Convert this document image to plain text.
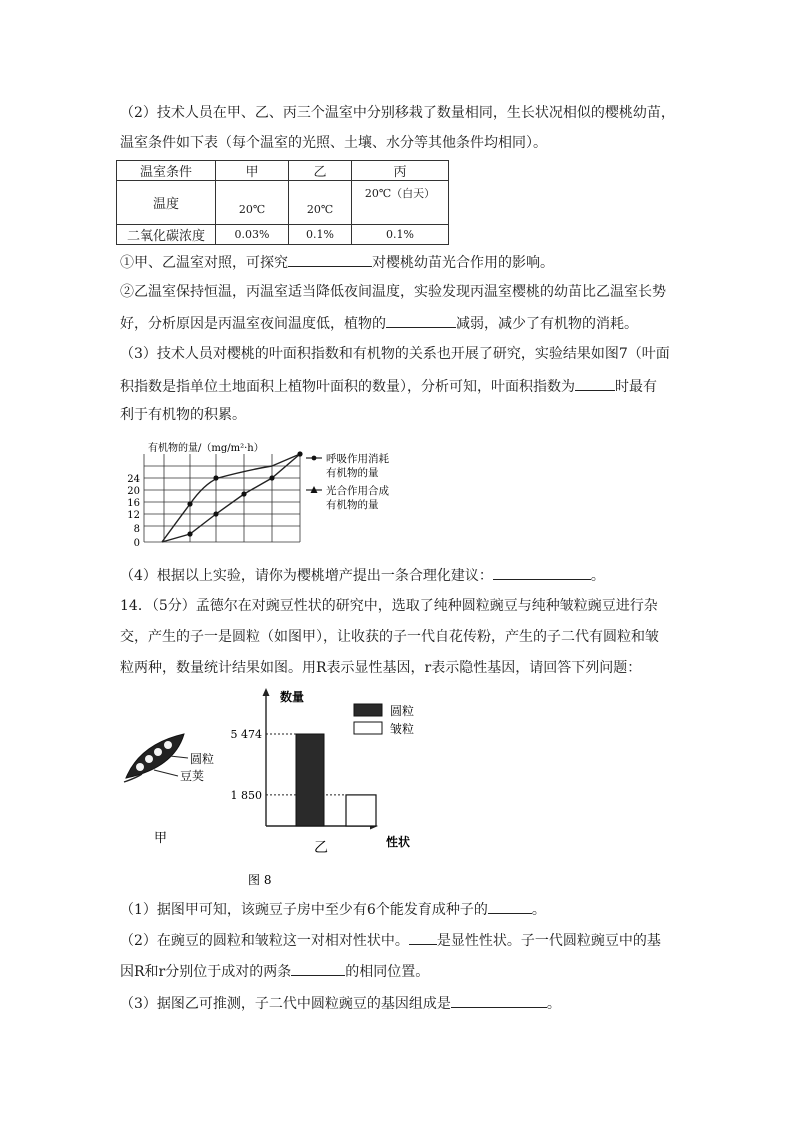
（2）技术人员在甲、乙、丙三个温室中分别移栽了数量相同，生长状况相似的樱桃幼苗，
温室条件如下表（每个温室的光照、土壤、水分等其他条件均相同）。
温室条件	甲	乙	丙
温度	20℃	20℃	20℃（白天）
二氧化碳浓度	0.03%	0.1%	0.1%
①甲、乙温室对照，可探究	对樱桃幼苗光合作用的影响。
②乙温室保持恒温，丙温室适当降低夜间温度，实验发现丙温室樱桃的幼苗比乙温室长势
好，分析原因是丙温室夜间温度低，植物的	减弱，减少了有机物的消耗。
（3）技术人员对樱桃的叶面积指数和有机物的关系也开展了研究，实验结果如图7（叶面
积指数是指单位土地面积上植物叶面积的数量），分析可知，叶面积指数为	时最有
利于有机物的积累。
有机物的量/（mg/m²·h）
24
20
16
12
8
0
呼吸作用消耗
有机物的量
光合作用合成
有机物的量
（4）根据以上实验，请你为樱桃增产提出一条合理化建议：	。
14．（5分）孟德尔在对豌豆性状的研究中，选取了纯种圆粒豌豆与纯种皱粒豌豆进行杂
交，产生的子一是圆粒（如图甲），让收获的子一代自花传粉，产生的子二代有圆粒和皱
粒两种，数量统计结果如图。用R表示显性基因，r表示隐性基因，请回答下列问题：
圆粒
豆荚
甲
数量
5 474
1 850
圆粒
皱粒
性状
乙
图 8
（1）据图甲可知，该豌豆子房中至少有6个能发育成种子的	。
（2）在豌豆的圆粒和皱粒这一对相对性状中。 是显性性状。子一代圆粒豌豆中的基
因R和r分别位于成对的两条	的相同位置。
（3）据图乙可推测，子二代中圆粒豌豆的基因组成是	。
